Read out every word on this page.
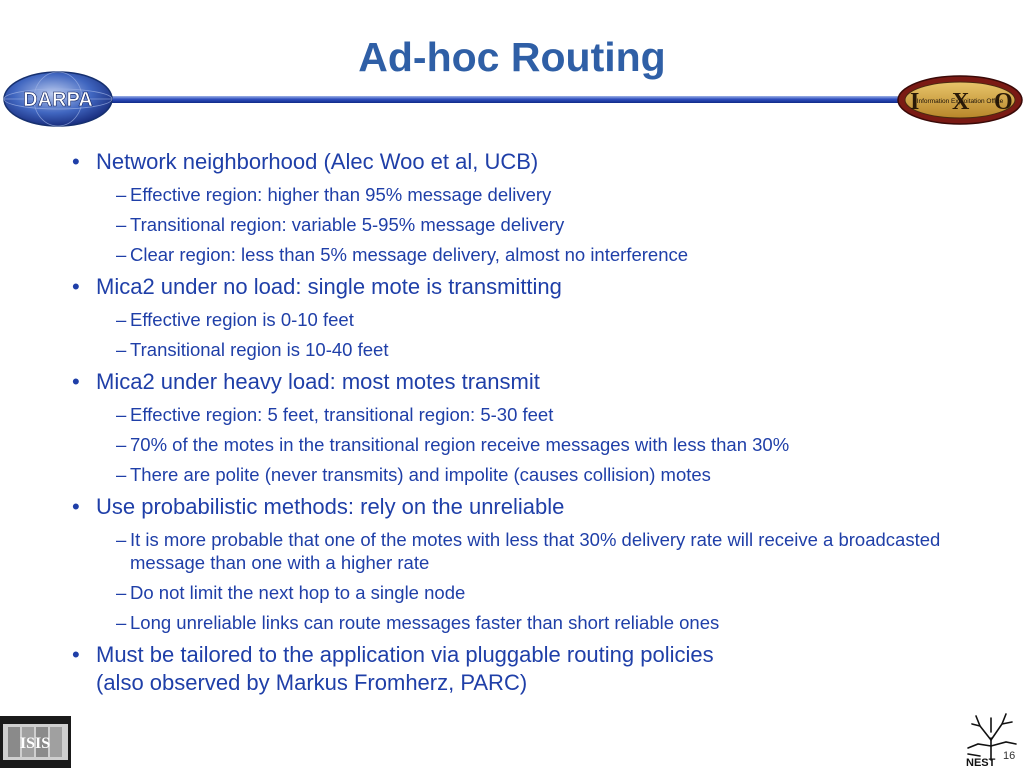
Ad-hoc Routing
DARPA	I X O
Information Exploitation Office
• Network neighborhood (Alec Woo et al, UCB)
– Effective region: higher than 95% message delivery
– Transitional region: variable 5-95% message delivery
– Clear region: less than 5% message delivery, almost no interference
• Mica2 under no load: single mote is transmitting
– Effective region is 0-10 feet
– Transitional region is 10-40 feet
• Mica2 under heavy load: most motes transmit
– Effective region: 5 feet, transitional region: 5-30 feet
– 70% of the motes in the transitional region receive messages with less than 30%
– There are polite (never transmits) and impolite (causes collision) motes
• Use probabilistic methods: rely on the unreliable
– It is more probable that one of the motes with less that 30% delivery rate will receive a broadcasted message than one with a higher rate
– Do not limit the next hop to a single node
– Long unreliable links can route messages faster than short reliable ones
• Must be tailored to the application via pluggable routing policies
(also observed by Markus Fromherz, PARC)
ISIS
NEST
16
